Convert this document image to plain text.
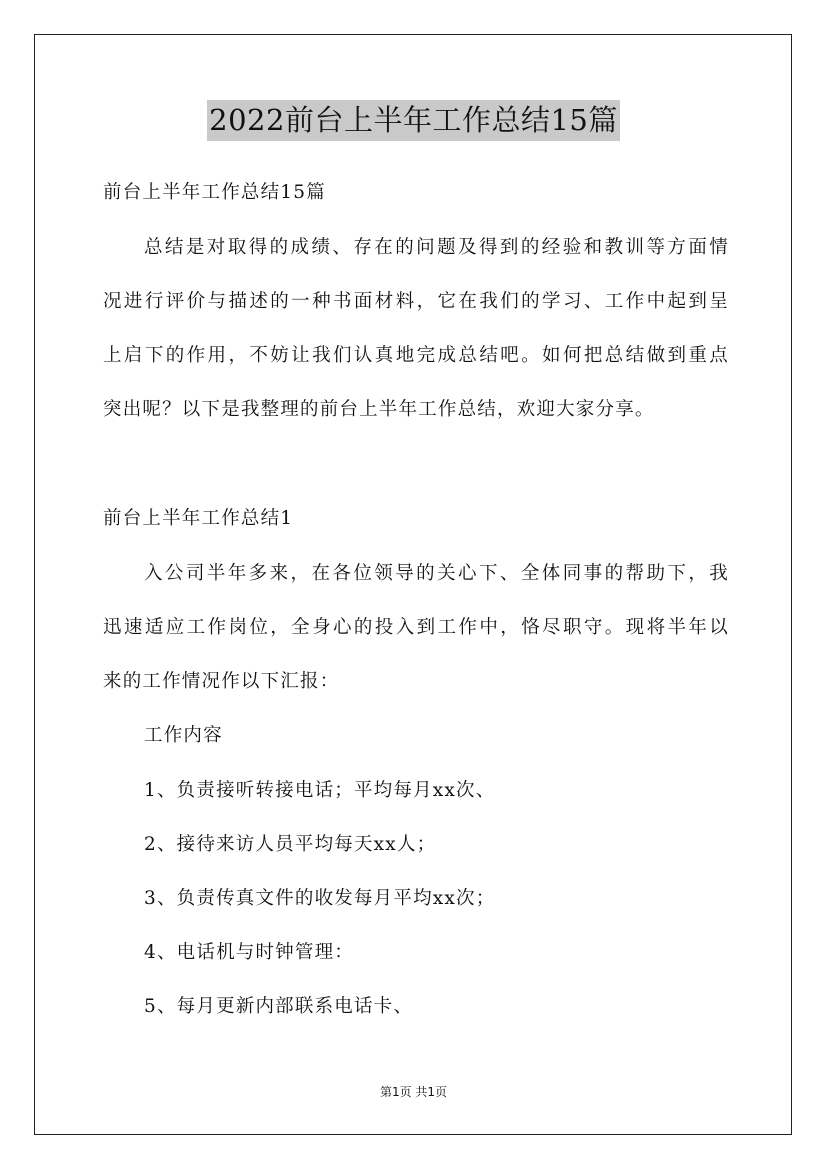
2022前台上半年工作总结15篇
前台上半年工作总结15篇
总结是对取得的成绩、存在的问题及得到的经验和教训等方面情
况进行评价与描述的一种书面材料，它在我们的学习、工作中起到呈
上启下的作用，不妨让我们认真地完成总结吧。如何把总结做到重点
突出呢？以下是我整理的前台上半年工作总结，欢迎大家分享。
前台上半年工作总结1
入公司半年多来，在各位领导的关心下、全体同事的帮助下，我
迅速适应工作岗位，全身心的投入到工作中，恪尽职守。现将半年以
来的工作情况作以下汇报：
工作内容
1、负责接听转接电话；平均每月xx次、
2、接待来访人员平均每天xx人；
3、负责传真文件的收发每月平均xx次；
4、电话机与时钟管理：
5、每月更新内部联系电话卡、
第1页 共1页
